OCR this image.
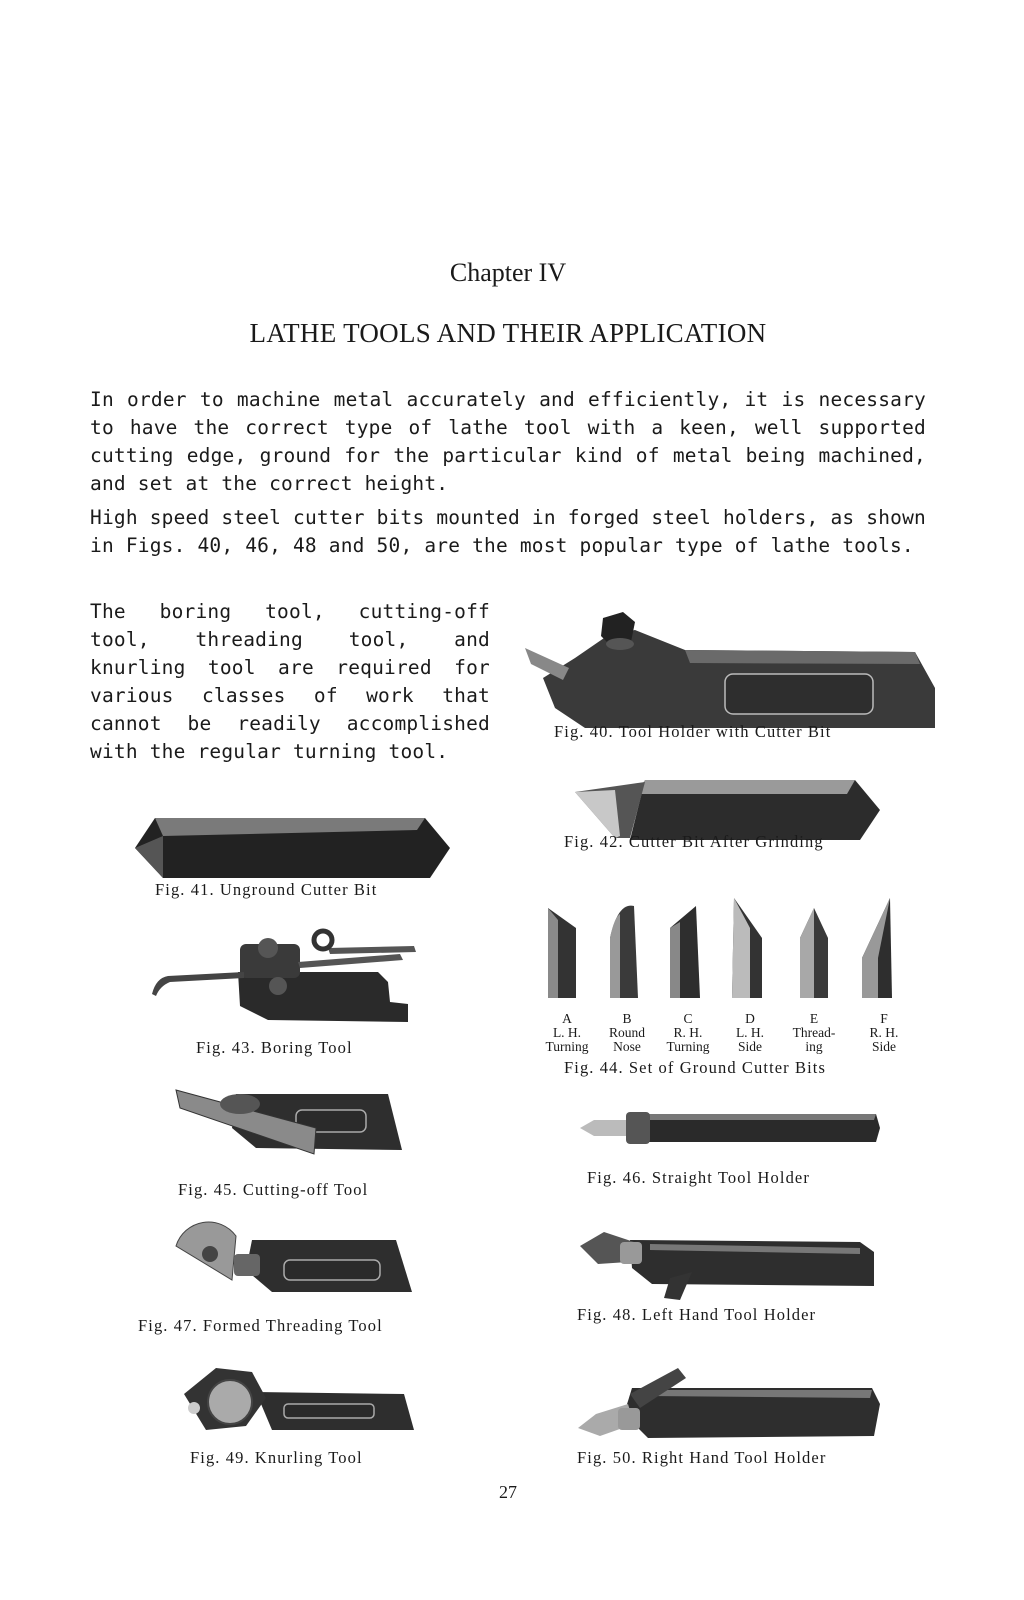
Chapter IV
LATHE TOOLS AND THEIR APPLICATION
In order to machine metal accurately and efficiently, it is necessary to have the correct type of lathe tool with a keen, well supported cutting edge, ground for the particular kind of metal being machined, and set at the correct height.
High speed steel cutter bits mounted in forged steel holders, as shown in Figs. 40, 46, 48 and 50, are the most popular type of lathe tools.
The boring tool, cutting-off tool, threading tool, and knurling tool are required for various classes of work that cannot be readily accomplished with the regular turning tool.
Fig. 40. Tool Holder with Cutter Bit
Fig. 42. Cutter Bit After Grinding
Fig. 41. Unground Cutter Bit
A
L. H.
Turning
B
Round
Nose
C
R. H.
Turning
D
L. H.
Side
E
Thread-
ing
F
R. H.
Side
Fig. 44. Set of Ground Cutter Bits
Fig. 43. Boring Tool
Fig. 46. Straight Tool Holder
Fig. 45. Cutting-off Tool
Fig. 48. Left Hand Tool Holder
Fig. 47. Formed Threading Tool
Fig. 49. Knurling Tool	Fig. 50. Right Hand Tool Holder
27
